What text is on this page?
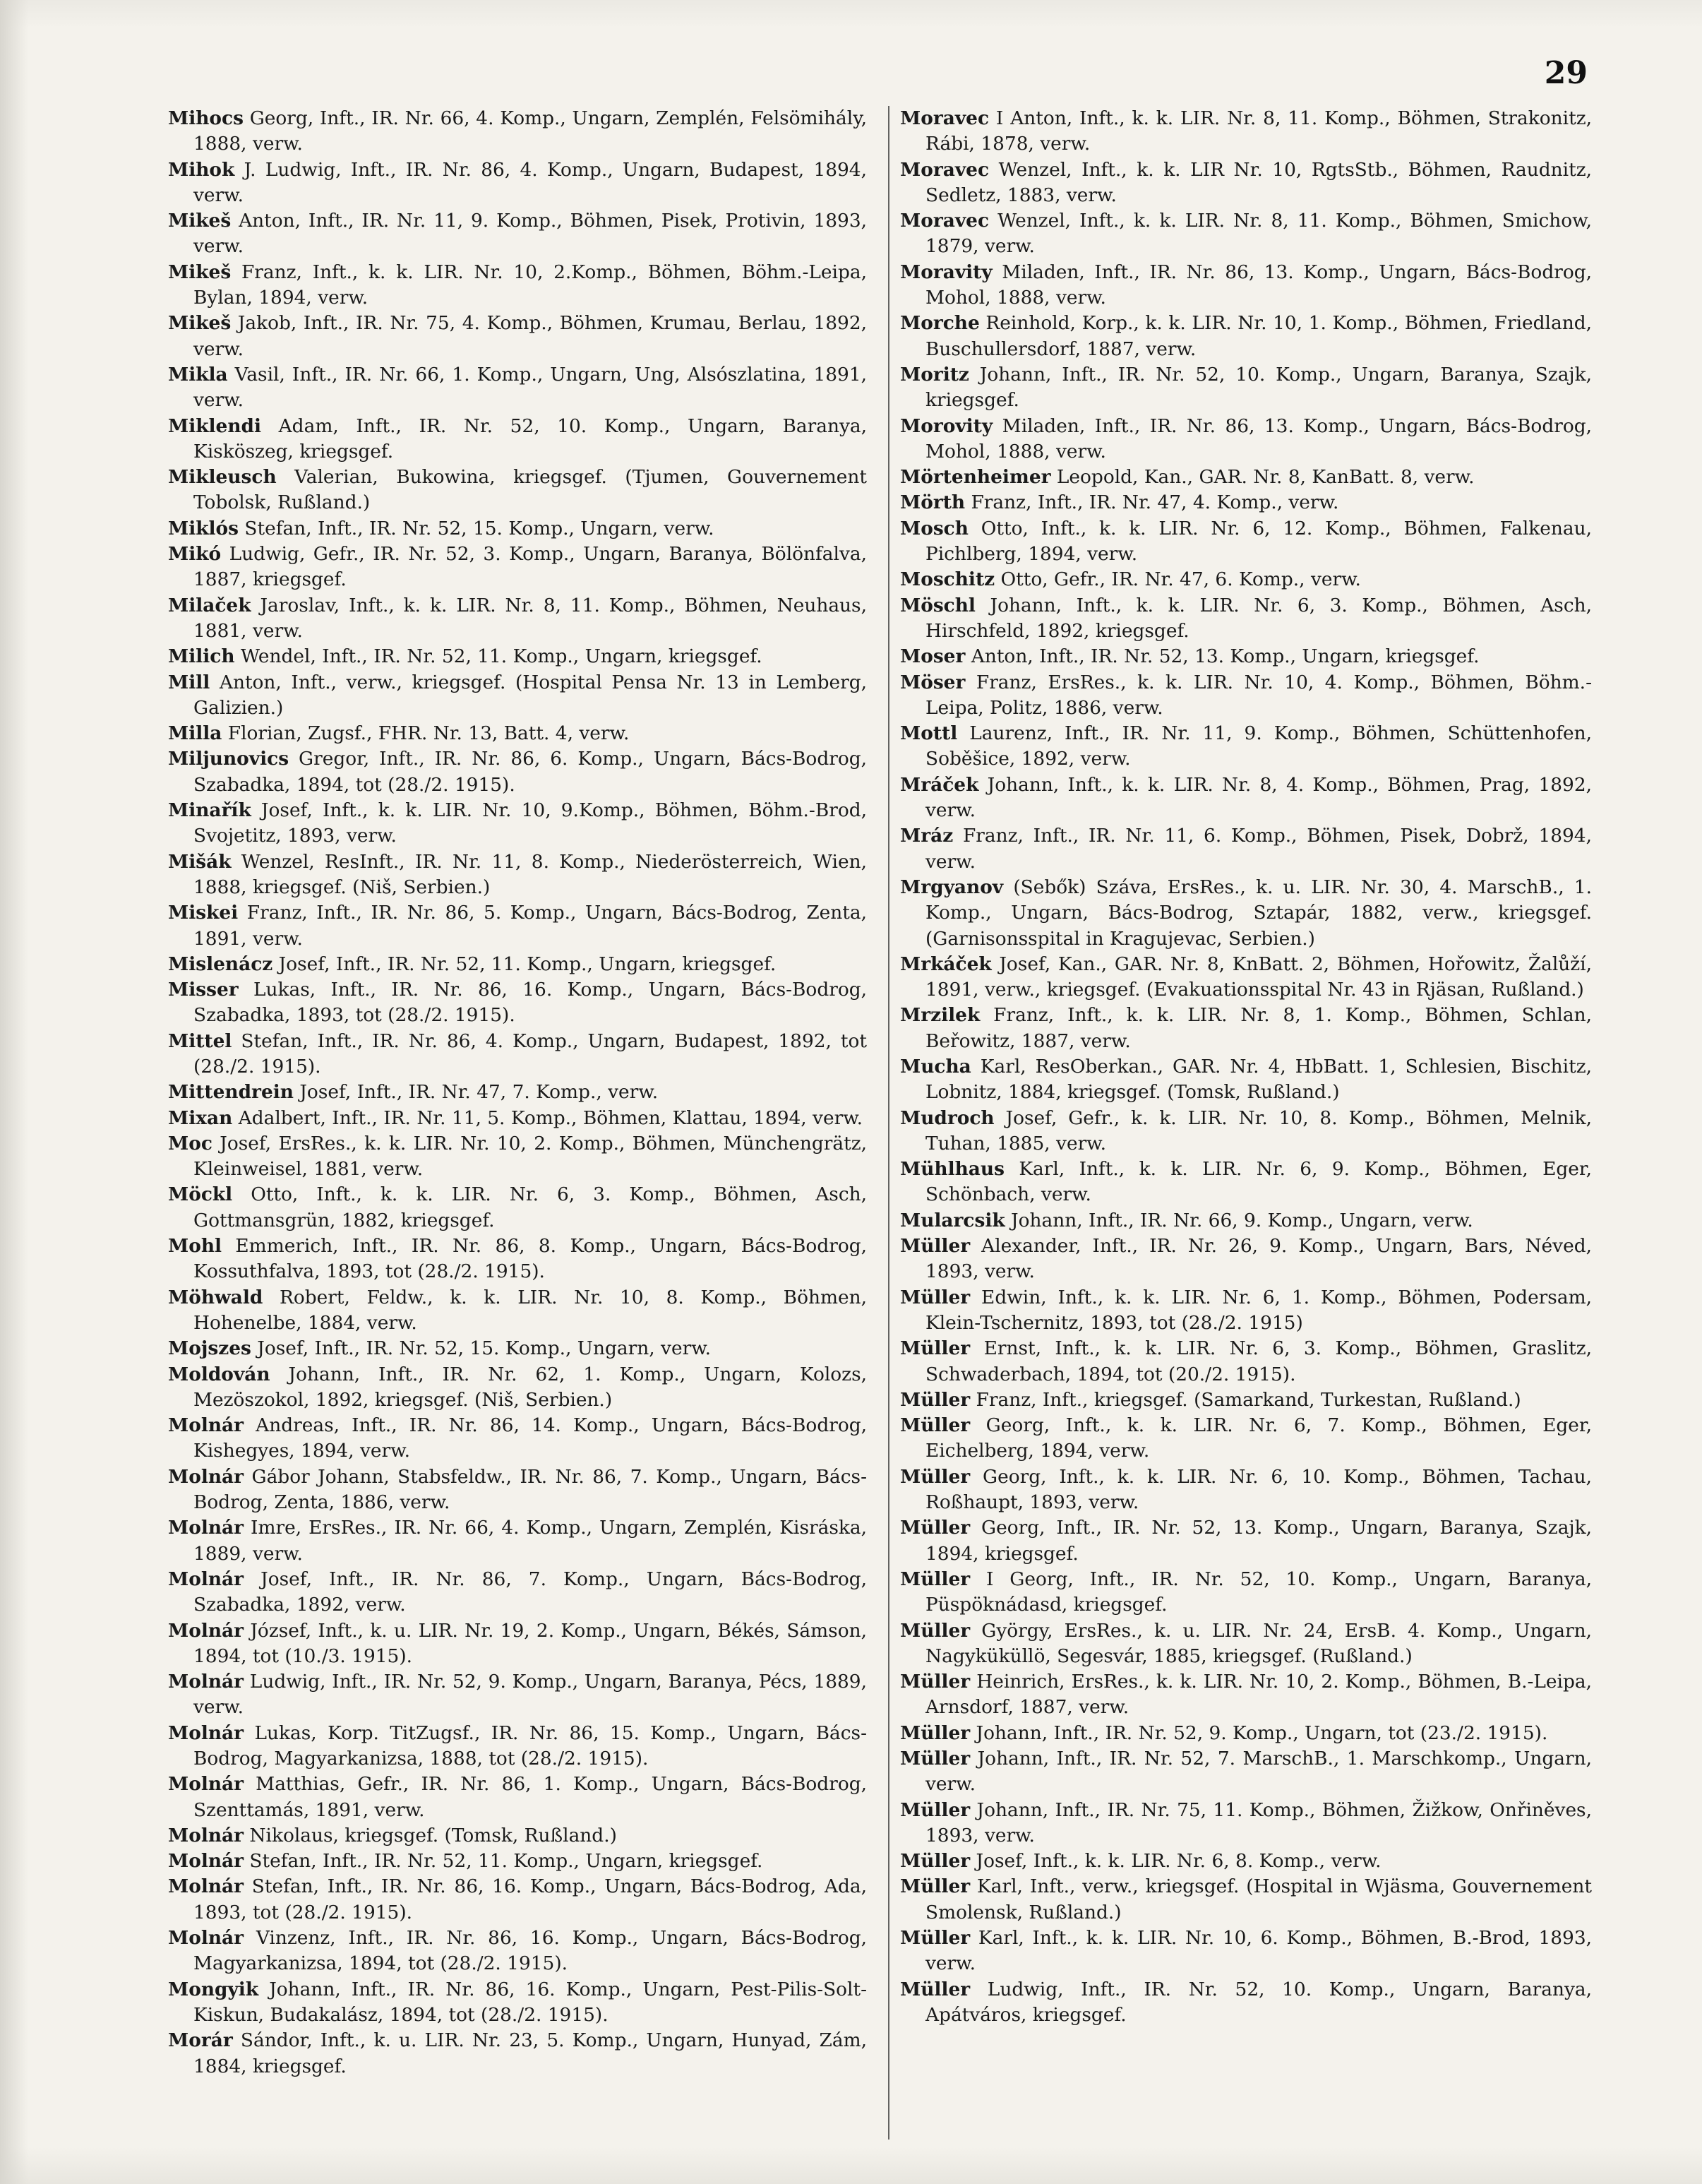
29

Mihocs Georg, Inft., IR. Nr. 66, 4. Komp., Ungarn, Zemplén, Felsömihály, 1888, verw.

Mihok J. Ludwig, Inft., IR. Nr. 86, 4. Komp., Ungarn, Budapest, 1894, verw.

Mikeš Anton, Inft., IR. Nr. 11, 9. Komp., Böhmen, Pisek, Protivin, 1893, verw.

Mikeš Franz, Inft., k. k. LIR. Nr. 10, 2.Komp., Böhmen, Böhm.-Leipa, Bylan, 1894, verw.

Mikeš Jakob, Inft., IR. Nr. 75, 4. Komp., Böhmen, Krumau, Berlau, 1892, verw.

Mikla Vasil, Inft., IR. Nr. 66, 1. Komp., Ungarn, Ung, Alsószlatina, 1891, verw.

Miklendi Adam, Inft., IR. Nr. 52, 10. Komp., Ungarn, Baranya, Kisköszeg, kriegsgef.

Mikleusch Valerian, Bukowina, kriegsgef. (Tjumen, Gouvernement Tobolsk, Rußland.)

Miklós Stefan, Inft., IR. Nr. 52, 15. Komp., Ungarn, verw.

Mikó Ludwig, Gefr., IR. Nr. 52, 3. Komp., Ungarn, Baranya, Bölönfalva, 1887, kriegsgef.

Milaček Jaroslav, Inft., k. k. LIR. Nr. 8, 11. Komp., Böhmen, Neuhaus, 1881, verw.

Milich Wendel, Inft., IR. Nr. 52, 11. Komp., Ungarn, kriegsgef.

Mill Anton, Inft., verw., kriegsgef. (Hospital Pensa Nr. 13 in Lemberg, Galizien.)

Milla Florian, Zugsf., FHR. Nr. 13, Batt. 4, verw.

Miljunovics Gregor, Inft., IR. Nr. 86, 6. Komp., Ungarn, Bács-Bodrog, Szabadka, 1894, tot (28./2. 1915).

Minařík Josef, Inft., k. k. LIR. Nr. 10, 9.Komp., Böhmen, Böhm.-Brod, Svojetitz, 1893, verw.

Mišák Wenzel, ResInft., IR. Nr. 11, 8. Komp., Niederösterreich, Wien, 1888, kriegsgef. (Niš, Serbien.)

Miskei Franz, Inft., IR. Nr. 86, 5. Komp., Ungarn, Bács-Bodrog, Zenta, 1891, verw.

Mislenácz Josef, Inft., IR. Nr. 52, 11. Komp., Ungarn, kriegsgef.

Misser Lukas, Inft., IR. Nr. 86, 16. Komp., Ungarn, Bács-Bodrog, Szabadka, 1893, tot (28./2. 1915).

Mittel Stefan, Inft., IR. Nr. 86, 4. Komp., Ungarn, Budapest, 1892, tot (28./2. 1915).

Mittendrein Josef, Inft., IR. Nr. 47, 7. Komp., verw.

Mixan Adalbert, Inft., IR. Nr. 11, 5. Komp., Böhmen, Klattau, 1894, verw.

Moc Josef, ErsRes., k. k. LIR. Nr. 10, 2. Komp., Böhmen, Münchengrätz, Kleinweisel, 1881, verw.

Möckl Otto, Inft., k. k. LIR. Nr. 6, 3. Komp., Böhmen, Asch, Gottmansgrün, 1882, kriegsgef.

Mohl Emmerich, Inft., IR. Nr. 86, 8. Komp., Ungarn, Bács-Bodrog, Kossuthfalva, 1893, tot (28./2. 1915).

Möhwald Robert, Feldw., k. k. LIR. Nr. 10, 8. Komp., Böhmen, Hohenelbe, 1884, verw.

Mojszes Josef, Inft., IR. Nr. 52, 15. Komp., Ungarn, verw.

Moldován Johann, Inft., IR. Nr. 62, 1. Komp., Ungarn, Kolozs, Mezöszokol, 1892, kriegsgef. (Niš, Serbien.)

Molnár Andreas, Inft., IR. Nr. 86, 14. Komp., Ungarn, Bács-Bodrog, Kishegyes, 1894, verw.

Molnár Gábor Johann, Stabsfeldw., IR. Nr. 86, 7. Komp., Ungarn, Bács-Bodrog, Zenta, 1886, verw.

Molnár Imre, ErsRes., IR. Nr. 66, 4. Komp., Ungarn, Zemplén, Kisráska, 1889, verw.

Molnár Josef, Inft., IR. Nr. 86, 7. Komp., Ungarn, Bács-Bodrog, Szabadka, 1892, verw.

Molnár József, Inft., k. u. LIR. Nr. 19, 2. Komp., Ungarn, Békés, Sámson, 1894, tot (10./3. 1915).

Molnár Ludwig, Inft., IR. Nr. 52, 9. Komp., Ungarn, Baranya, Pécs, 1889, verw.

Molnár Lukas, Korp. TitZugsf., IR. Nr. 86, 15. Komp., Ungarn, Bács-Bodrog, Magyarkanizsa, 1888, tot (28./2. 1915).

Molnár Matthias, Gefr., IR. Nr. 86, 1. Komp., Ungarn, Bács-Bodrog, Szenttamás, 1891, verw.

Molnár Nikolaus, kriegsgef. (Tomsk, Rußland.)

Molnár Stefan, Inft., IR. Nr. 52, 11. Komp., Ungarn, kriegsgef.

Molnár Stefan, Inft., IR. Nr. 86, 16. Komp., Ungarn, Bács-Bodrog, Ada, 1893, tot (28./2. 1915).

Molnár Vinzenz, Inft., IR. Nr. 86, 16. Komp., Ungarn, Bács-Bodrog, Magyarkanizsa, 1894, tot (28./2. 1915).

Mongyik Johann, Inft., IR. Nr. 86, 16. Komp., Ungarn, Pest-Pilis-Solt-Kiskun, Budakalász, 1894, tot (28./2. 1915).

Morár Sándor, Inft., k. u. LIR. Nr. 23, 5. Komp., Ungarn, Hunyad, Zám, 1884, kriegsgef.

Moravec I Anton, Inft., k. k. LIR. Nr. 8, 11. Komp., Böhmen, Strakonitz, Rábi, 1878, verw.

Moravec Wenzel, Inft., k. k. LIR Nr. 10, RgtsStb., Böhmen, Raudnitz, Sedletz, 1883, verw.

Moravec Wenzel, Inft., k. k. LIR. Nr. 8, 11. Komp., Böhmen, Smichow, 1879, verw.

Moravity Miladen, Inft., IR. Nr. 86, 13. Komp., Ungarn, Bács-Bodrog, Mohol, 1888, verw.

Morche Reinhold, Korp., k. k. LIR. Nr. 10, 1. Komp., Böhmen, Friedland, Buschullersdorf, 1887, verw.

Moritz Johann, Inft., IR. Nr. 52, 10. Komp., Ungarn, Baranya, Szajk, kriegsgef.

Morovity Miladen, Inft., IR. Nr. 86, 13. Komp., Ungarn, Bács-Bodrog, Mohol, 1888, verw.

Mörtenheimer Leopold, Kan., GAR. Nr. 8, KanBatt. 8, verw.

Mörth Franz, Inft., IR. Nr. 47, 4. Komp., verw.

Mosch Otto, Inft., k. k. LIR. Nr. 6, 12. Komp., Böhmen, Falkenau, Pichlberg, 1894, verw.

Moschitz Otto, Gefr., IR. Nr. 47, 6. Komp., verw.

Möschl Johann, Inft., k. k. LIR. Nr. 6, 3. Komp., Böhmen, Asch, Hirschfeld, 1892, kriegsgef.

Moser Anton, Inft., IR. Nr. 52, 13. Komp., Ungarn, kriegsgef.

Möser Franz, ErsRes., k. k. LIR. Nr. 10, 4. Komp., Böhmen, Böhm.-Leipa, Politz, 1886, verw.

Mottl Laurenz, Inft., IR. Nr. 11, 9. Komp., Böhmen, Schüttenhofen, Soběšice, 1892, verw.

Mráček Johann, Inft., k. k. LIR. Nr. 8, 4. Komp., Böhmen, Prag, 1892, verw.

Mráz Franz, Inft., IR. Nr. 11, 6. Komp., Böhmen, Pisek, Dobrž, 1894, verw.

Mrgyanov (Sebők) Száva, ErsRes., k. u. LIR. Nr. 30, 4. MarschB., 1. Komp., Ungarn, Bács-Bodrog, Sztapár, 1882, verw., kriegsgef. (Garnisonsspital in Kragujevac, Serbien.)

Mrkáček Josef, Kan., GAR. Nr. 8, KnBatt. 2, Böhmen, Hořowitz, Žalůží, 1891, verw., kriegsgef. (Evakuationsspital Nr. 43 in Rjäsan, Rußland.)

Mrzilek Franz, Inft., k. k. LIR. Nr. 8, 1. Komp., Böhmen, Schlan, Beřowitz, 1887, verw.

Mucha Karl, ResOberkan., GAR. Nr. 4, HbBatt. 1, Schlesien, Bischitz, Lobnitz, 1884, kriegsgef. (Tomsk, Rußland.)

Mudroch Josef, Gefr., k. k. LIR. Nr. 10, 8. Komp., Böhmen, Melnik, Tuhan, 1885, verw.

Mühlhaus Karl, Inft., k. k. LIR. Nr. 6, 9. Komp., Böhmen, Eger, Schönbach, verw.

Mularcsik Johann, Inft., IR. Nr. 66, 9. Komp., Ungarn, verw.

Müller Alexander, Inft., IR. Nr. 26, 9. Komp., Ungarn, Bars, Néved, 1893, verw.

Müller Edwin, Inft., k. k. LIR. Nr. 6, 1. Komp., Böhmen, Podersam, Klein-Tschernitz, 1893, tot (28./2. 1915)

Müller Ernst, Inft., k. k. LIR. Nr. 6, 3. Komp., Böhmen, Graslitz, Schwaderbach, 1894, tot (20./2. 1915).

Müller Franz, Inft., kriegsgef. (Samarkand, Turkestan, Rußland.)

Müller Georg, Inft., k. k. LIR. Nr. 6, 7. Komp., Böhmen, Eger, Eichelberg, 1894, verw.

Müller Georg, Inft., k. k. LIR. Nr. 6, 10. Komp., Böhmen, Tachau, Roßhaupt, 1893, verw.

Müller Georg, Inft., IR. Nr. 52, 13. Komp., Ungarn, Baranya, Szajk, 1894, kriegsgef.

Müller I Georg, Inft., IR. Nr. 52, 10. Komp., Ungarn, Baranya, Püspöknádasd, kriegsgef.

Müller György, ErsRes., k. u. LIR. Nr. 24, ErsB. 4. Komp., Ungarn, Nagyküküllö, Segesvár, 1885, kriegsgef. (Rußland.)

Müller Heinrich, ErsRes., k. k. LIR. Nr. 10, 2. Komp., Böhmen, B.-Leipa, Arnsdorf, 1887, verw.

Müller Johann, Inft., IR. Nr. 52, 9. Komp., Ungarn, tot (23./2. 1915).

Müller Johann, Inft., IR. Nr. 52, 7. MarschB., 1. Marschkomp., Ungarn, verw.

Müller Johann, Inft., IR. Nr. 75, 11. Komp., Böhmen, Žižkow, Onřiněves, 1893, verw.

Müller Josef, Inft., k. k. LIR. Nr. 6, 8. Komp., verw.

Müller Karl, Inft., verw., kriegsgef. (Hospital in Wjäsma, Gouvernement Smolensk, Rußland.)

Müller Karl, Inft., k. k. LIR. Nr. 10, 6. Komp., Böhmen, B.-Brod, 1893, verw.

Müller Ludwig, Inft., IR. Nr. 52, 10. Komp., Ungarn, Baranya, Apátváros, kriegsgef.
